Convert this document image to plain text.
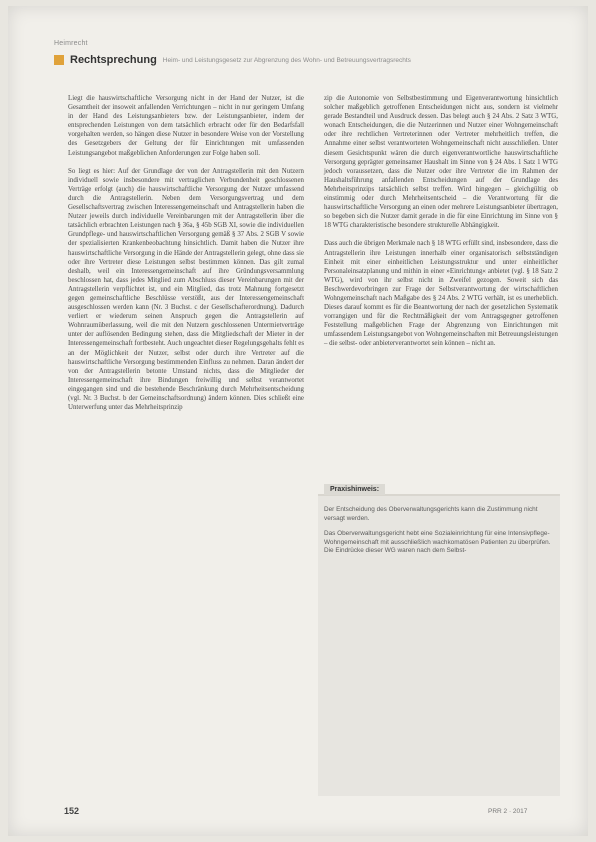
Heimrecht
Rechtsprechung Heim- und Leistungsgesetz zur Abgrenzung des Wohn- und Betreuungsvertragsrechts

Liegt die hauswirtschaftliche Versorgung nicht in der Hand der Nutzer, ist die Gesamtheit der insoweit anfallenden Verrichtungen – nicht in nur geringem Umfang in der Hand des Leistungsanbieters bzw. der Leistungsanbieter, indem der entsprechenden Leistungen von dem tatsächlich erbracht oder für den Bedarfsfall vorgehalten werden, so hängen diese Nutzer in besondere Weise von der Vorstellung des Gesetzgebers der Geltung der für Einrichtungen mit umfassenden Leistungsangebot maßgeblichen Anforderungen zur Folge haben soll.

So liegt es hier: Auf der Grundlage der von der Antragstellerin mit den Nutzern individuell sowie insbesondere mit vertraglichen Verbundenheit geschlossenen Verträge erfolgt (auch) die hauswirtschaftliche Versorgung der Nutzer umfassend durch die Antragstellerin. Neben dem Versorgungsvertrag und dem Gesellschaftsvertrag zwischen Interessengemeinschaft und Antragstellerin haben die Nutzer jeweils durch individuelle Vereinbarungen mit der Antragstellerin über die tatsächlich erbrachten Leistungen nach § 36a, § 45b SGB XI, sowie die individuellen Grundpflege- und hauswirtschaftlichen Versorgung gemäß § 37 Abs. 2 SGB V sowie der spezialisierten Krankenbeobachtung hinsichtlich. Damit haben die Nutzer ihre hauswirtschaftliche Versorgung in die Hände der Antragstellerin gelegt, ohne dass sie oder ihre Vertreter diese Leistungen selbst bestimmen können. Das gilt zumal deshalb, weil ein Interessengemeinschaft auf ihre Gründungsversammlung beschlossen hat, dass jedes Mitglied zum Abschluss dieser Vereinbarungen mit der Antragstellerin verpflichtet ist, und ein Mitglied, das trotz Mahnung fortgesetzt gegen gemeinschaftliche Beschlüsse verstößt, aus der Interessengemeinschaft ausgeschlossen werden kann (Nr. 3 Buchst. c der Gesellschafterordnung). Dadurch verliert er wiederum seinen Anspruch gegen die Antragstellerin auf Wohnraumüberlassung, weil die mit den Nutzern geschlossenen Untermietverträge unter der auflösenden Bedingung stehen, dass die Mitgliedschaft der Mieter in der Interessengemeinschaft fortbesteht. Auch ungeachtet dieser Regelungsgehalts fehlt es an der Möglichkeit der Nutzer, selbst oder durch ihre Vertreter auf die hauswirtschaftliche Versorgung bestimmenden Einfluss zu nehmen. Daran ändert der von der Antragstellerin betonte Umstand nichts, dass die Mitglieder der Interessengemeinschaft ihre Bindungen freiwillig und selbst verantwortet eingegangen sind und die bestehende Beschränkung durch Mehrheitsentscheidung (vgl. Nr. 3 Buchst. b der Gemeinschaftsordnung) ändern können. Dies schließt eine Unterwerfung unter das Mehrheitsprinzip

zip die Autonomie von Selbstbestimmung und Eigenverantwortung hinsichtlich solcher maßgeblich getroffenen Entscheidungen nicht aus, sondern ist vielmehr gerade Bestandteil und Ausdruck dessen. Das belegt auch § 24 Abs. 2 Satz 3 WTG, wonach Entscheidungen, die die Nutzerinnen und Nutzer einer Wohngemeinschaft oder ihre rechtlichen Vertreterinnen oder Vertreter mehrheitlich treffen, die Annahme einer selbst verantworteten Wohngemeinschaft nicht ausschließen. Unter diesem Gesichtspunkt wären die durch eigenverantwortliche hauswirtschaftliche Versorgung geprägter gemeinsamer Haushalt im Sinne von § 24 Abs. 1 Satz 1 WTG jedoch voraussetzen, dass die Nutzer oder ihre Vertreter die im Rahmen der Haushaltsführung anfallenden Entscheidungen auf der Grundlage des Mehrheitsprinzips tatsächlich selbst treffen. Wird hingegen – gleichgültig ob einstimmig oder durch Mehrheitsentscheid – die Verantwortung für die hauswirtschaftliche Versorgung an einen oder mehrere Leistungsanbieter übertragen, so begeben sich die Nutzer damit gerade in die für eine Einrichtung im Sinne von § 18 WTG charakteristische besondere strukturelle Abhängigkeit.

Dass auch die übrigen Merkmale nach § 18 WTG erfüllt sind, insbesondere, dass die Antragstellerin ihre Leistungen innerhalb einer organisatorisch selbstständigen Einheit mit einer einheitlichen Leistungsstruktur und unter einheitlicher Personaleinsatzplanung und mithin in einer »Einrichtung« anbietet (vgl. § 18 Satz 2 WTG), wird von ihr selbst nicht in Zweifel gezogen. Soweit sich das Beschwerdevorbringen zur Frage der Selbstverantwortung der wirtschaftlichen Wohngemeinschaft nach Maßgabe des § 24 Abs. 2 WTG verhält, ist es unerheblich. Dieses darauf kommt es für die Beantwortung der nach der gesetzlichen Systematik vorrangigen und für die Rechtmäßigkeit der vom Antragsgegner getroffenen Feststellung maßgeblichen Frage der Abgrenzung von Einrichtungen mit umfassendem Leistungsangebot von Wohngemeinschaften mit Betreuungsleistungen – die selbst- oder anbieterverantwortet sein können – nicht an.

Praxishinweis:

Der Entscheidung des Oberverwaltungsgerichts kann die Zustimmung nicht versagt werden.

Das Oberverwaltungsgericht hebt eine Sozialeinrichtung für eine Intensivpflege-Wohngemeinschaft mit ausschließlich wachkomatösen Patienten zu überprüfen. Die Eindrücke dieser WG waren nach dem Selbst-

152	PRR 2 · 2017
